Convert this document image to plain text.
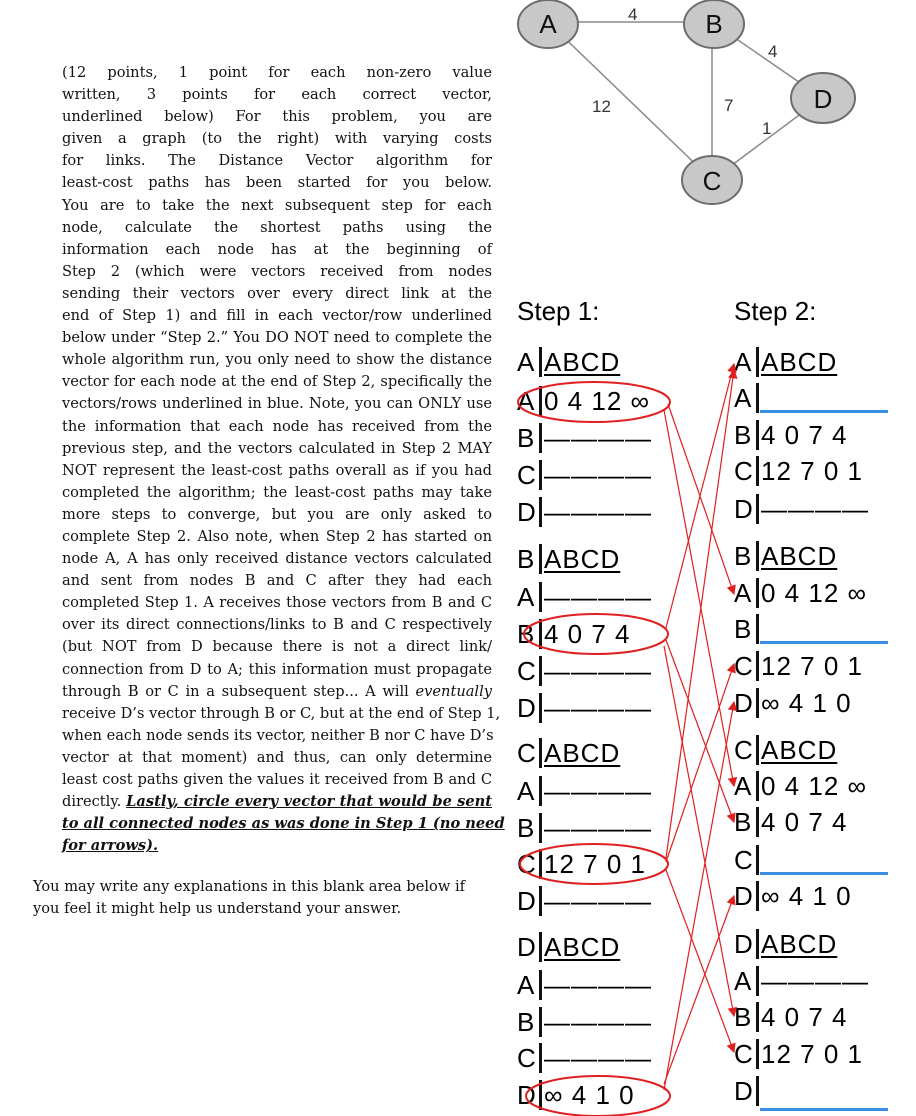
(12 points, 1 point for each non-zero value
written, 3 points for each correct vector,
underlined below) For this problem, you are
given a graph (to the right) with varying costs
for links. The Distance Vector algorithm for
least-cost paths has been started for you below.
You are to take the next subsequent step for each
node, calculate the shortest paths using the
information each node has at the beginning of
Step 2 (which were vectors received from nodes
sending their vectors over every direct link at the
end of Step 1) and fill in each vector/row underlined
below under “Step 2.” You DO NOT need to complete the
whole algorithm run, you only need to show the distance
vector for each node at the end of Step 2, specifically the
vectors/rows underlined in blue. Note, you can ONLY use
the information that each node has received from the
previous step, and the vectors calculated in Step 2 MAY
NOT represent the least-cost paths overall as if you had
completed the algorithm; the least-cost paths may take
more steps to converge, but you are only asked to
complete Step 2. Also note, when Step 2 has started on
node A, A has only received distance vectors calculated
and sent from nodes B and C after they had each
completed Step 1. A receives those vectors from B and C
over its direct connections/links to B and C respectively
(but NOT from D because there is not a direct link/
connection from D to A; this information must propagate
through B or C in a subsequent step... A will eventually
receive D’s vector through B or C, but at the end of Step 1,
when each node sends its vector, neither B nor C have D’s
vector at that moment) and thus, can only determine
least cost paths given the values it received from B and C
directly. Lastly, circle every vector that would be sent
to all connected nodes as was done in Step 1 (no need
for arrows).
You may write any explanations in this blank area below if
you feel it might help us understand your answer.
4
12	7
4
1
A	B
C
D
Step 1:	Step 2:
A ABCD
A 0 4 12 ∞
B ————
C ————
D ————
B ABCD
A ————
B 4 0 7 4
C ————
D ————
C ABCD
A ————
B ————
C 12 7 0 1
D ————
D ABCD
A ————
B ————
C ————
D ∞ 4 1 0
A ABCD
A
B 4 0 7 4
C 12 7 0 1
D ————
B ABCD
A 0 4 12 ∞
B
C 12 7 0 1
D ∞ 4 1 0
C ABCD
A 0 4 12 ∞
B 4 0 7 4
C
D ∞ 4 1 0
D ABCD
A ————
B 4 0 7 4
C 12 7 0 1
D
